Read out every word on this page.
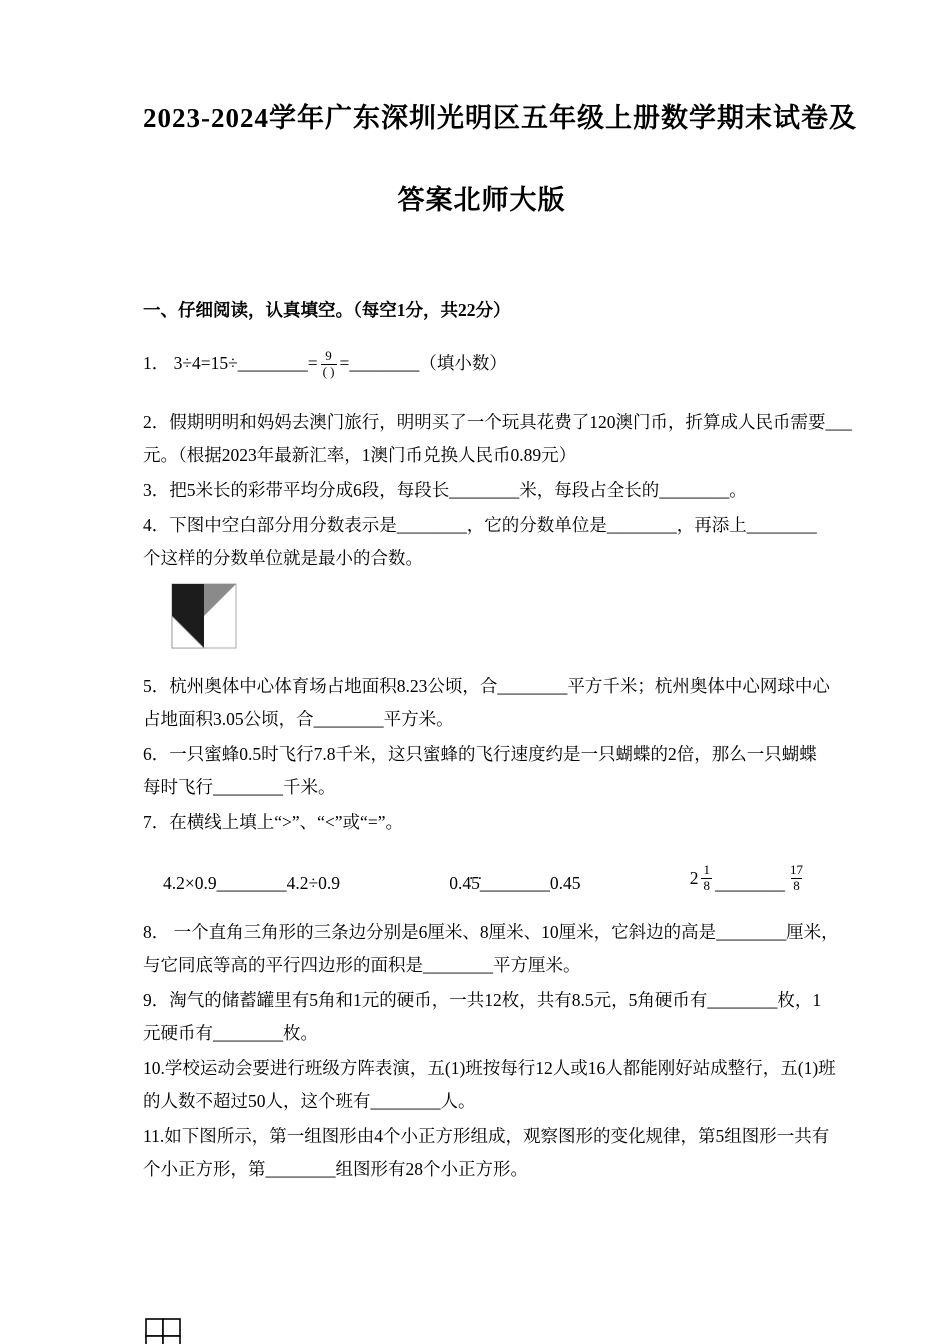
2023-2024学年广东深圳光明区五年级上册数学期末试卷及
答案北师大版
一、仔细阅读，认真填空。（每空1分，共22分）
1． 3÷4=15÷ ________ = $\frac{9}{( )}$ = ________ （填小数）
2．假期明明和妈妈去澳门旅行，明明买了一个玩具花费了120澳门币，折算成人民币需要___
元。（根据2023年最新汇率，1澳门币兑换人民币0.89元）
3．把5米长的彩带平均分成6段，每段长________米，每段占全长的________。
4．下图中空白部分用分数表示是________，它的分数单位是________，再添上________
个这样的分数单位就是最小的合数。
5．杭州奥体中心体育场占地面积8.23公顷，合________平方千米；杭州奥体中心网球中心
占地面积3.05公顷，合________平方米。
6．一只蜜蜂0.5时飞行7.8千米，这只蜜蜂的飞行速度约是一只蝴蝶的2倍，那么一只蝴蝶
每时飞行________千米。
7．在横线上填上“>”、“<”或“=”。
4.2×0.9 ________ 4.2÷0.9	0.4̇5̇ ________ 0.45	$2 \frac{1}{8}$ ________ $\frac{17}{8}$
8． 一个直角三角形的三条边分别是6厘米、8厘米、10厘米，它斜边的高是________厘米，
与它同底等高的平行四边形的面积是________平方厘米。
9．淘气的储蓄罐里有5角和1元的硬币，一共12枚，共有8.5元，5角硬币有________枚，1
元硬币有________枚。
10.学校运动会要进行班级方阵表演，五(1)班按每行12人或16人都能刚好站成整行，五(1)班
的人数不超过50人，这个班有________人。
11.如下图所示，第一组图形由4个小正方形组成，观察图形的变化规律，第5组图形一共有
个小正方形，第________组图形有28个小正方形。
